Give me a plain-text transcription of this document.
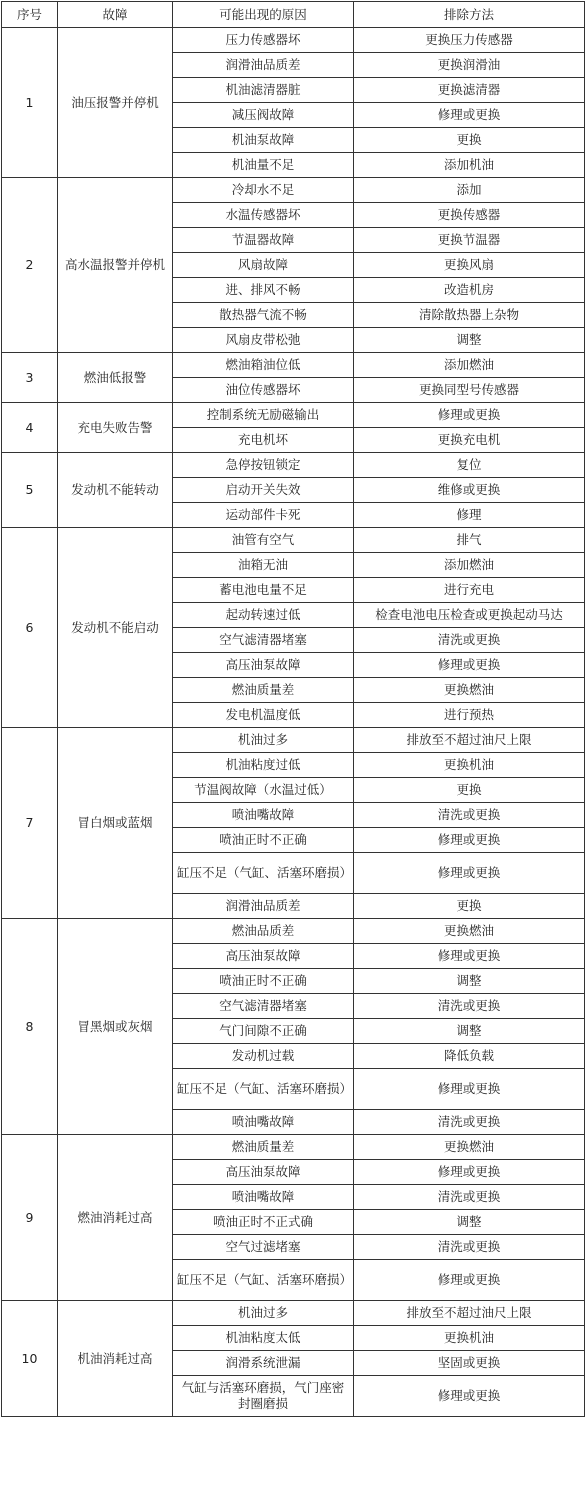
序号	故障	可能出现的原因	排除方法
1	油压报警并停机	压力传感器坏	更换压力传感器
		润滑油品质差	更换润滑油
		机油滤清器脏	更换滤清器
		减压阀故障	修理或更换
		机油泵故障	更换
		机油量不足	添加机油
2	高水温报警并停机	冷却水不足	添加
		水温传感器坏	更换传感器
		节温器故障	更换节温器
		风扇故障	更换风扇
		进、排风不畅	改造机房
		散热器气流不畅	清除散热器上杂物
		风扇皮带松弛	调整
3	燃油低报警	燃油箱油位低	添加燃油
		油位传感器坏	更换同型号传感器
4	充电失败告警	控制系统无励磁输出	修理或更换
		充电机坏	更换充电机
5	发动机不能转动	急停按钮锁定	复位
		启动开关失效	维修或更换
		运动部件卡死	修理
6	发动机不能启动	油管有空气	排气
		油箱无油	添加燃油
		蓄电池电量不足	进行充电
		起动转速过低	检查电池电压检查或更换起动马达
		空气滤清器堵塞	清洗或更换
		高压油泵故障	修理或更换
		燃油质量差	更换燃油
		发电机温度低	进行预热
7	冒白烟或蓝烟	机油过多	排放至不超过油尺上限
		机油粘度过低	更换机油
		节温阀故障（水温过低）	更换
		喷油嘴故障	清洗或更换
		喷油正时不正确	修理或更换
		缸压不足（气缸、活塞环磨损）	修理或更换
		润滑油品质差	更换
8	冒黑烟或灰烟	燃油品质差	更换燃油
		高压油泵故障	修理或更换
		喷油正时不正确	调整
		空气滤清器堵塞	清洗或更换
		气门间隙不正确	调整
		发动机过载	降低负载
		缸压不足（气缸、活塞环磨损）	修理或更换
		喷油嘴故障	清洗或更换
9	燃油消耗过高	燃油质量差	更换燃油
		高压油泵故障	修理或更换
		喷油嘴故障	清洗或更换
		喷油正时不正式确	调整
		空气过滤堵塞	清洗或更换
		缸压不足（气缸、活塞环磨损）	修理或更换
10	机油消耗过高	机油过多	排放至不超过油尺上限
		机油粘度太低	更换机油
		润滑系统泄漏	坚固或更换
		气缸与活塞环磨损，气门座密封圈磨损	修理或更换
